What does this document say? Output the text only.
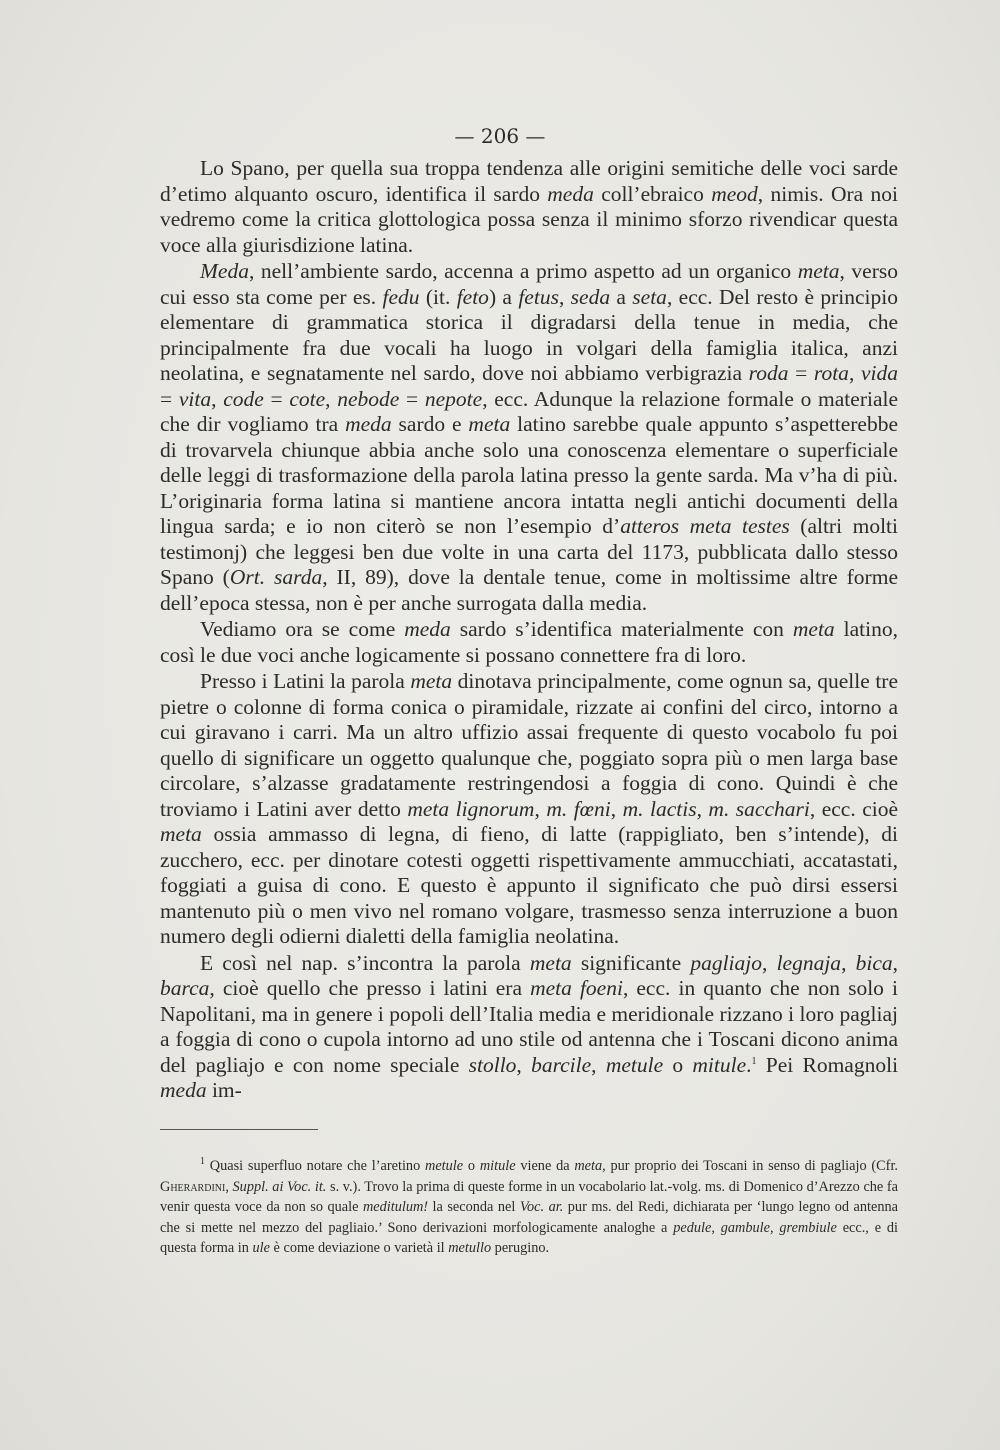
— 206 —

Lo Spano, per quella sua troppa tendenza alle origini semitiche delle voci sarde d’etimo alquanto oscuro, identifica il sardo meda coll’ebraico meod, nimis. Ora noi vedremo come la critica glottologica possa senza il minimo sforzo rivendicar questa voce alla giurisdizione latina.

Meda, nell’ambiente sardo, accenna a primo aspetto ad un organico meta, verso cui esso sta come per es. fedu (it. feto) a fetus, seda a seta, ecc. Del resto è principio elementare di grammatica storica il digradarsi della tenue in media, che principalmente fra due vocali ha luogo in volgari della famiglia italica, anzi neolatina, e segnatamente nel sardo, dove noi abbiamo verbigrazia roda = rota, vida = vita, code = cote, nebode = nepote, ecc. Adunque la relazione formale o materiale che dir vogliamo tra meda sardo e meta latino sarebbe quale appunto s’aspetterebbe di trovarvela chiunque abbia anche solo una conoscenza elementare o superficiale delle leggi di trasformazione della parola latina presso la gente sarda. Ma v’ha di più. L’originaria forma latina si mantiene ancora intatta negli antichi documenti della lingua sarda; e io non citerò se non l’esempio d’atteros meta testes (altri molti testimonj) che leggesi ben due volte in una carta del 1173, pubblicata dallo stesso Spano (Ort. sarda, II, 89), dove la dentale tenue, come in moltissime altre forme dell’epoca stessa, non è per anche surrogata dalla media.

Vediamo ora se come meda sardo s’identifica materialmente con meta latino, così le due voci anche logicamente si possano connettere fra di loro.

Presso i Latini la parola meta dinotava principalmente, come ognun sa, quelle tre pietre o colonne di forma conica o piramidale, rizzate ai confini del circo, intorno a cui giravano i carri. Ma un altro uffizio assai frequente di questo vocabolo fu poi quello di significare un oggetto qualunque che, poggiato sopra più o men larga base circolare, s’alzasse gradatamente restringendosi a foggia di cono. Quindi è che troviamo i Latini aver detto meta lignorum, m. fœni, m. lactis, m. sacchari, ecc. cioè meta ossia ammasso di legna, di fieno, di latte (rappigliato, ben s’intende), di zucchero, ecc. per dinotare cotesti oggetti rispettivamente ammucchiati, accatastati, foggiati a guisa di cono. E questo è appunto il significato che può dirsi essersi mantenuto più o men vivo nel romano volgare, trasmesso senza interruzione a buon numero degli odierni dialetti della famiglia neolatina.

E così nel nap. s’incontra la parola meta significante pagliajo, legnaja, bica, barca, cioè quello che presso i latini era meta foeni, ecc. in quanto che non solo i Napolitani, ma in genere i popoli dell’Italia media e meridionale rizzano i loro pagliaj a foggia di cono o cupola intorno ad uno stile od antenna che i Toscani dicono anima del pagliajo e con nome speciale stollo, barcile, metule o mitule.$^1$ Pei Romagnoli meda im-

$^1$ Quasi superfluo notare che l’aretino metule o mitule viene da meta, pur proprio dei Toscani in senso di pagliajo (Cfr. Gherardini, Suppl. ai Voc. it. s. v.). Trovo la prima di queste forme in un vocabolario lat.-volg. ms. di Domenico d’Arezzo che fa venir questa voce da non so quale meditulum! la seconda nel Voc. ar. pur ms. del Redi, dichiarata per ‘lungo legno od antenna che si mette nel mezzo del pagliaio.’ Sono derivazioni morfologicamente analoghe a pedule, gambule, grembiule ecc., e di questa forma in ule è come deviazione o varietà il metullo perugino.
